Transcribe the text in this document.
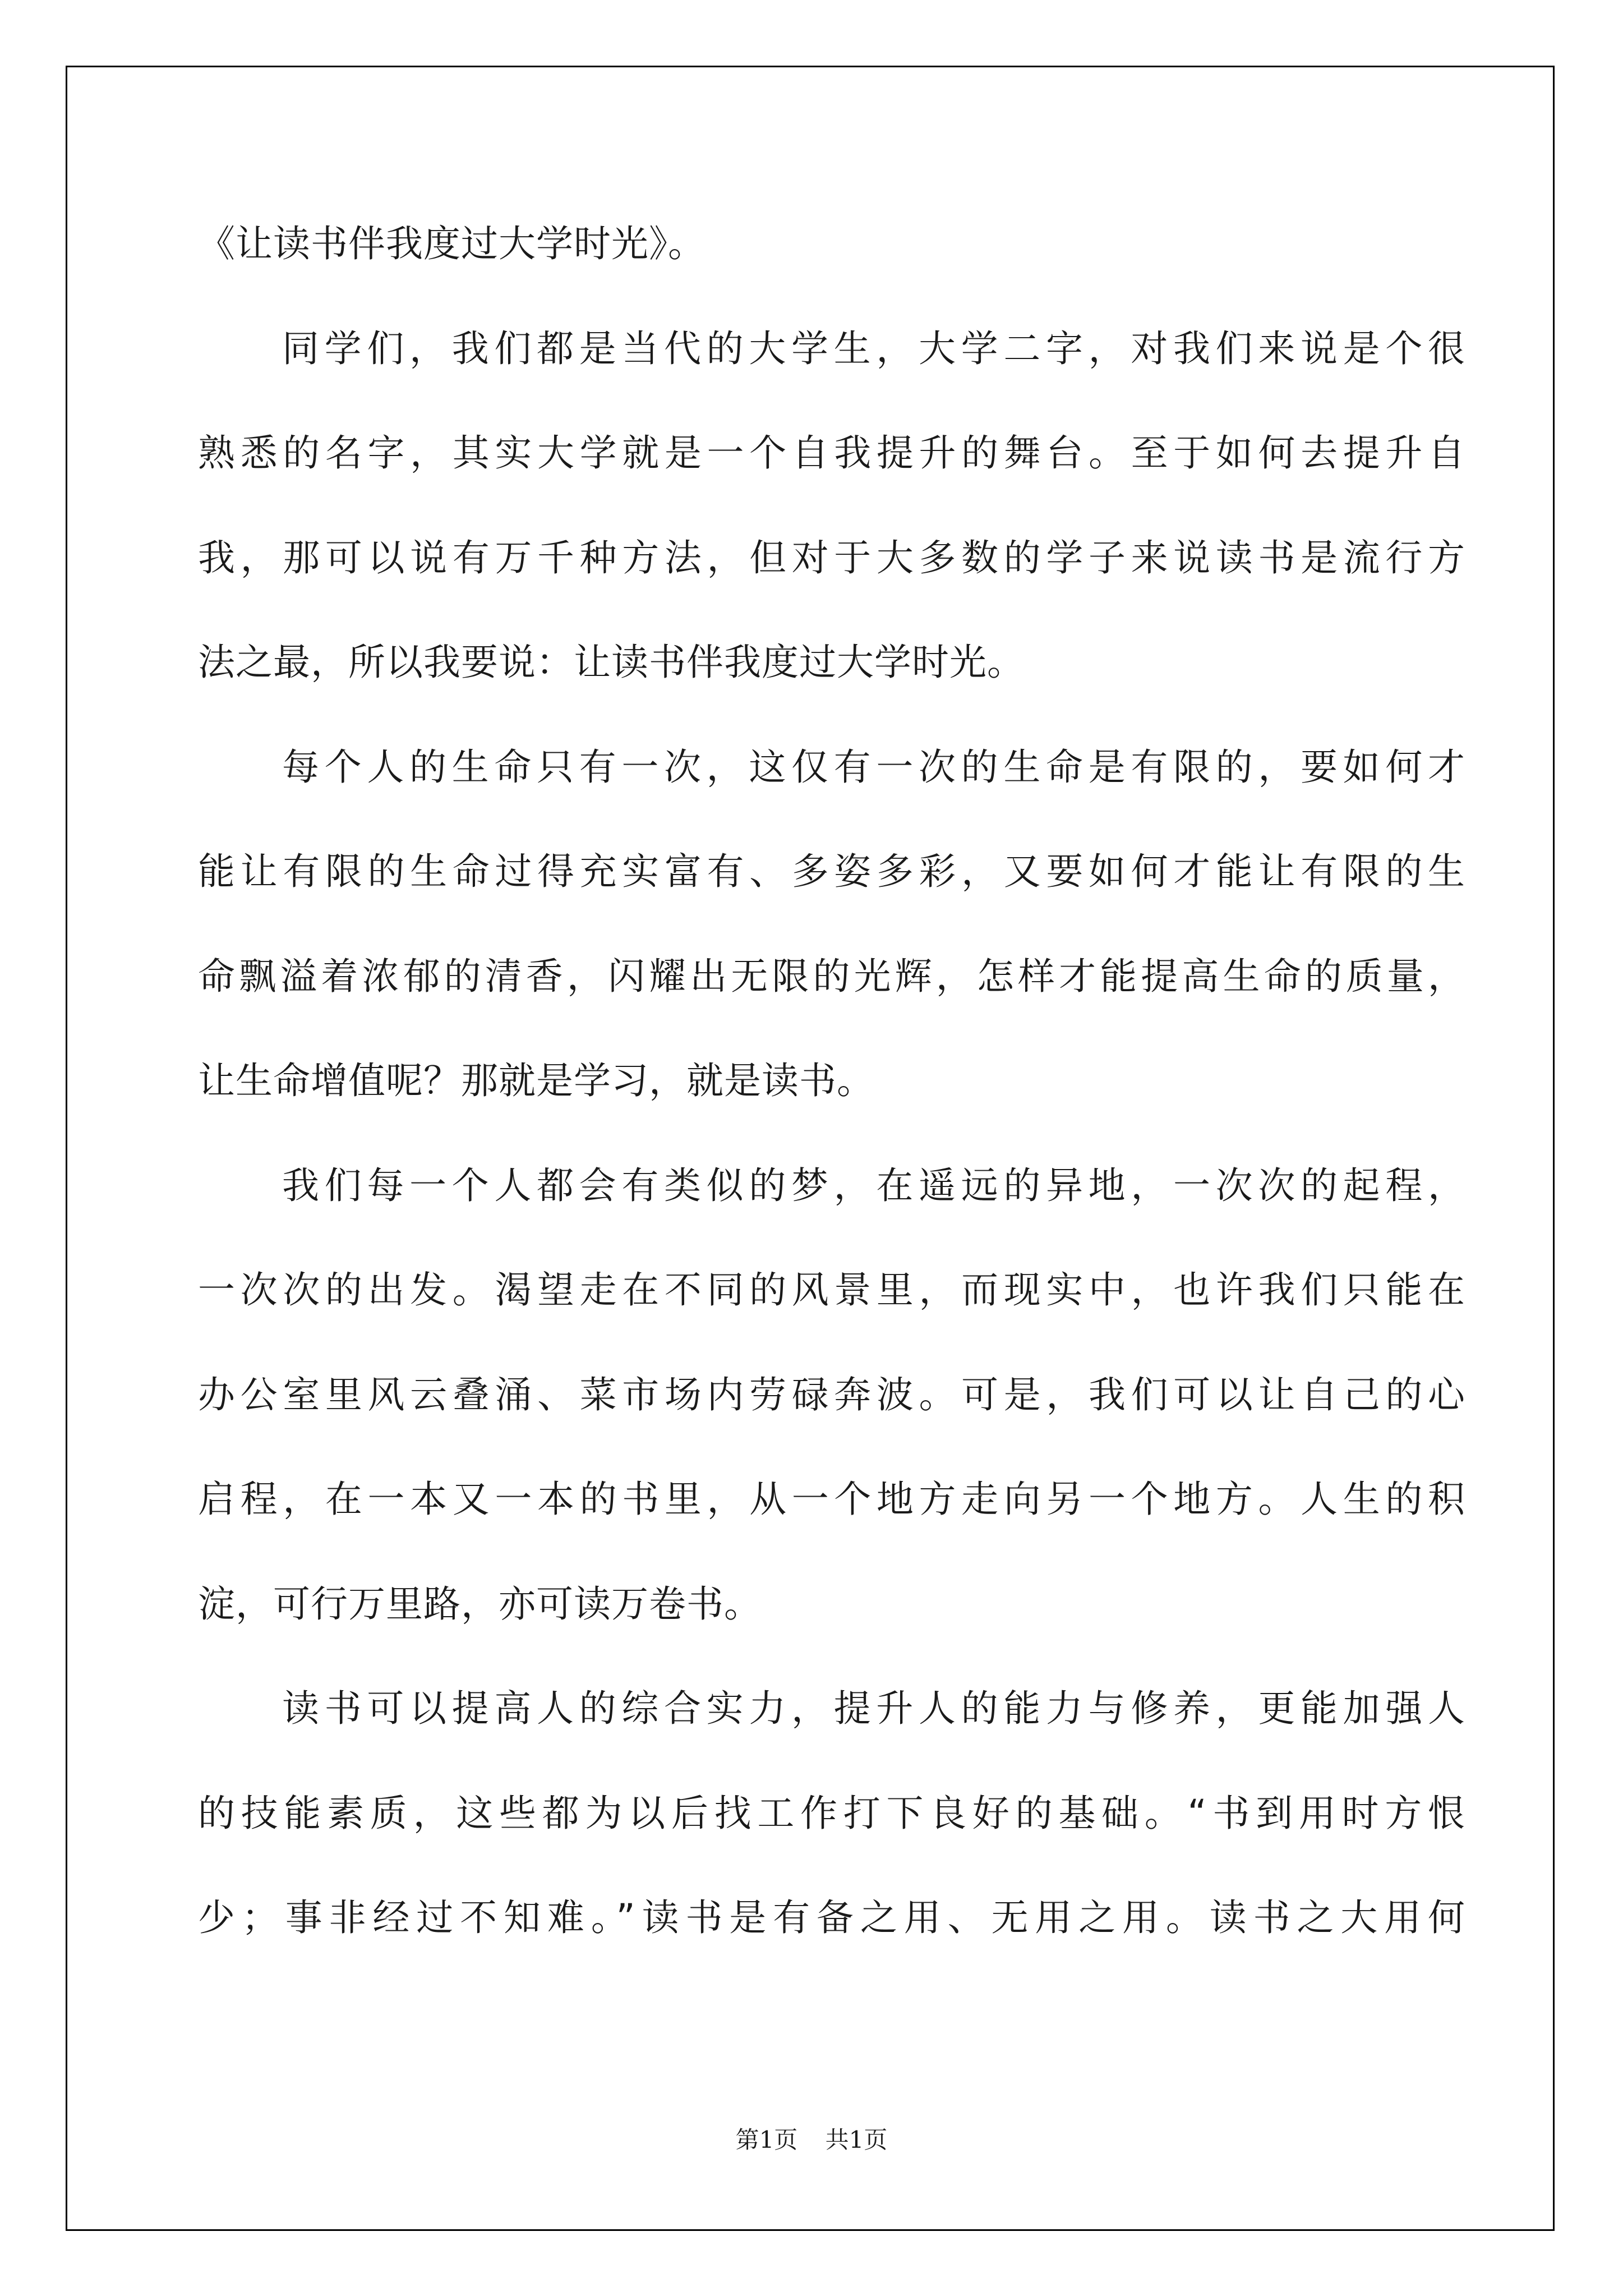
《让读书伴我度过大学时光》。
同学们，我们都是当代的大学生，大学二字，对我们来说是个很
熟悉的名字，其实大学就是一个自我提升的舞台。至于如何去提升自
我，那可以说有万千种方法，但对于大多数的学子来说读书是流行方
法之最，所以我要说：让读书伴我度过大学时光。
每个人的生命只有一次，这仅有一次的生命是有限的，要如何才
能让有限的生命过得充实富有、多姿多彩，又要如何才能让有限的生
命飘溢着浓郁的清香，闪耀出无限的光辉，怎样才能提高生命的质量，
让生命增值呢？那就是学习，就是读书。
我们每一个人都会有类似的梦，在遥远的异地，一次次的起程，
一次次的出发。渴望走在不同的风景里，而现实中，也许我们只能在
办公室里风云叠涌、菜市场内劳碌奔波。可是，我们可以让自己的心
启程，在一本又一本的书里，从一个地方走向另一个地方。人生的积
淀，可行万里路，亦可读万卷书。
读书可以提高人的综合实力，提升人的能力与修养，更能加强人
的技能素质，这些都为以后找工作打下良好的基础。“书到用时方恨
少；事非经过不知难。”读书是有备之用、无用之用。读书之大用何
第1页 共1页
